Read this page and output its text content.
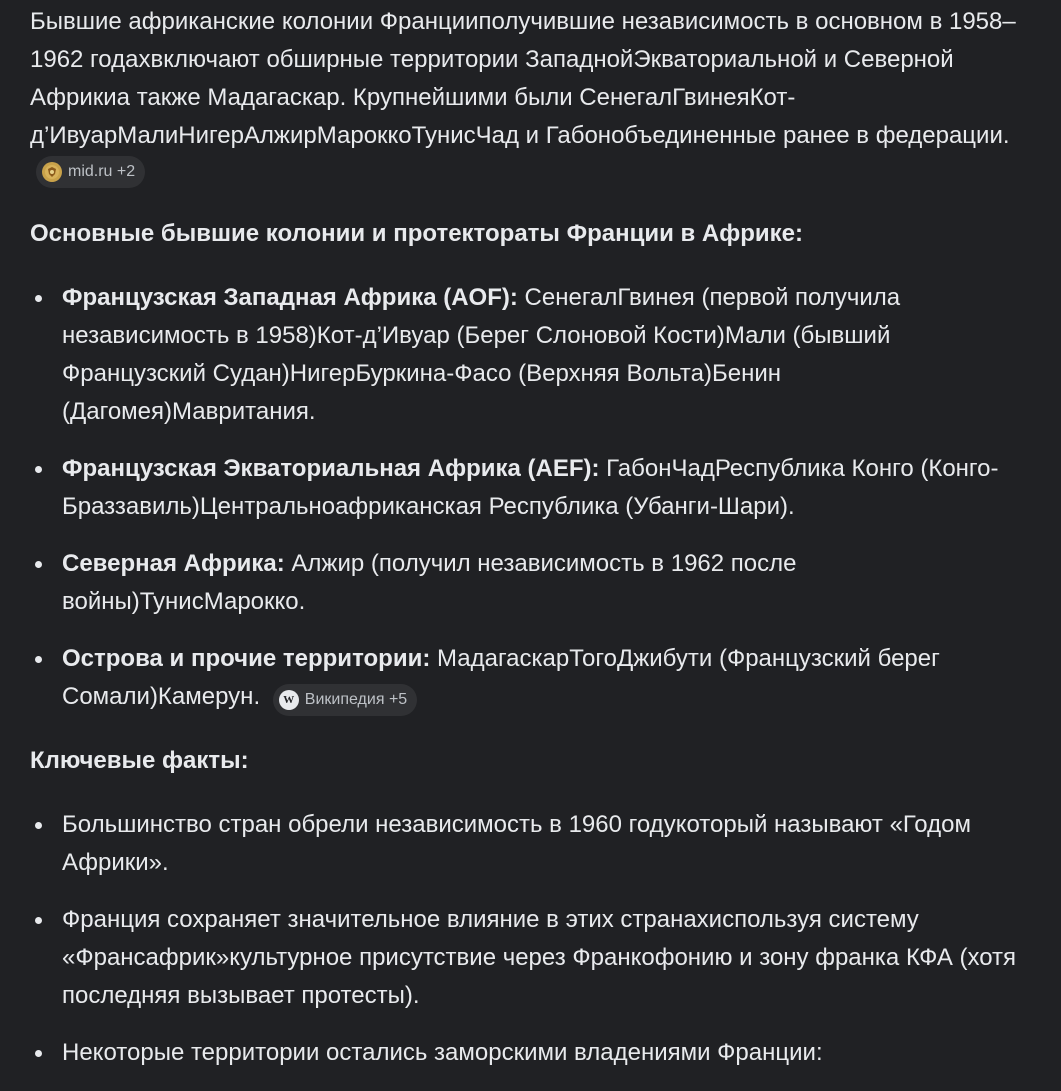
Бывшие африканские колонии Францииполучившие независимость в основном в 1958–1962 годахвключают обширные территории ЗападнойЭкваториальной и Северной Африкиа также Мадагаскар. Крупнейшими были СенегалГвинеяКот-д’ИвуарМалиНигерАлжирМароккоТунисЧад и Габонобъединенные ранее в федерации.
mid.ru
+2

Основные бывшие колонии и протектораты Франции в Африке:

Французская Западная Африка (AOF): СенегалГвинея (первой получила независимость в 1958)Кот-д’Ивуар (Берег Слоновой Кости)Мали (бывший Французский Судан)НигерБуркина-Фасо (Верхняя Вольта)Бенин (Дагомея)Мавритания.
Французская Экваториальная Африка (AEF): ГабонЧадРеспублика Конго (Конго-Браззавиль)Центральноафриканская Республика (Убанги-Шари).
Северная Африка: Алжир (получил независимость в 1962 после войны)ТунисМарокко.
Острова и прочие территории: МадагаскарТогоДжибути (Французский берег Сомали)Камерун.	W Википедия
+5

Ключевые факты:

Большинство стран обрели независимость в 1960 годукоторый называют «Годом Африки».
Франция сохраняет значительное влияние в этих странахиспользуя систему «Франсафрик»культурное присутствие через Франкофонию и зону франка КФА (хотя последняя вызывает протесты).
Некоторые территории остались заморскими владениями Франции:
